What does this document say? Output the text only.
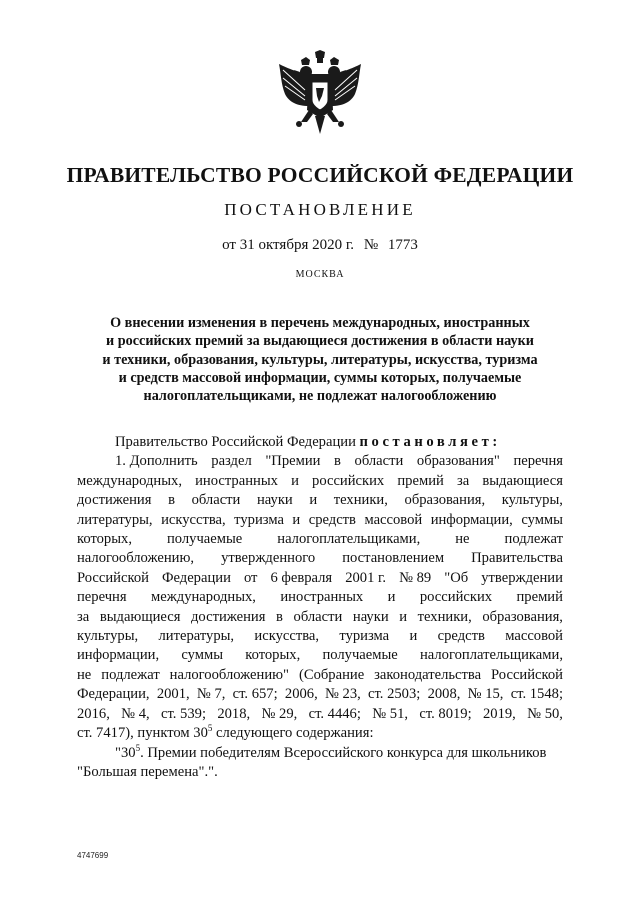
ПРАВИТЕЛЬСТВО РОССИЙСКОЙ ФЕДЕРАЦИИ
ПОСТАНОВЛЕНИЕ
от 31 октября 2020 г. № 1773
МОСКВА
О внесении изменения в перечень международных, иностранных
и российских премий за выдающиеся достижения в области науки
и техники, образования, культуры, литературы, искусства, туризма
и средств массовой информации, суммы которых, получаемые
налогоплательщиками, не подлежат налогообложению
Правительство Российской Федерации постановляет:
1. Дополнить раздел "Премии в области образования" перечня
международных, иностранных и российских премий за выдающиеся
достижения в области науки и техники, образования, культуры,
литературы, искусства, туризма и средств массовой информации, суммы
которых, получаемые налогоплательщиками, не подлежат
налогообложению, утвержденного постановлением Правительства
Российской Федерации от 6 февраля 2001 г. № 89 "Об утверждении
перечня международных, иностранных и российских премий
за выдающиеся достижения в области науки и техники, образования,
культуры, литературы, искусства, туризма и средств массовой
информации, суммы которых, получаемые налогоплательщиками,
не подлежат налогообложению" (Собрание законодательства Российской
Федерации, 2001, № 7, ст. 657; 2006, № 23, ст. 2503; 2008, № 15, ст. 1548;
2016, № 4, ст. 539; 2018, № 29, ст. 4446; № 51, ст. 8019; 2019, № 50,
ст. 7417), пунктом $30^5$ следующего содержания:
"$30^5$. Премии победителям Всероссийского конкурса для школьников
"Большая перемена".".
4747699
